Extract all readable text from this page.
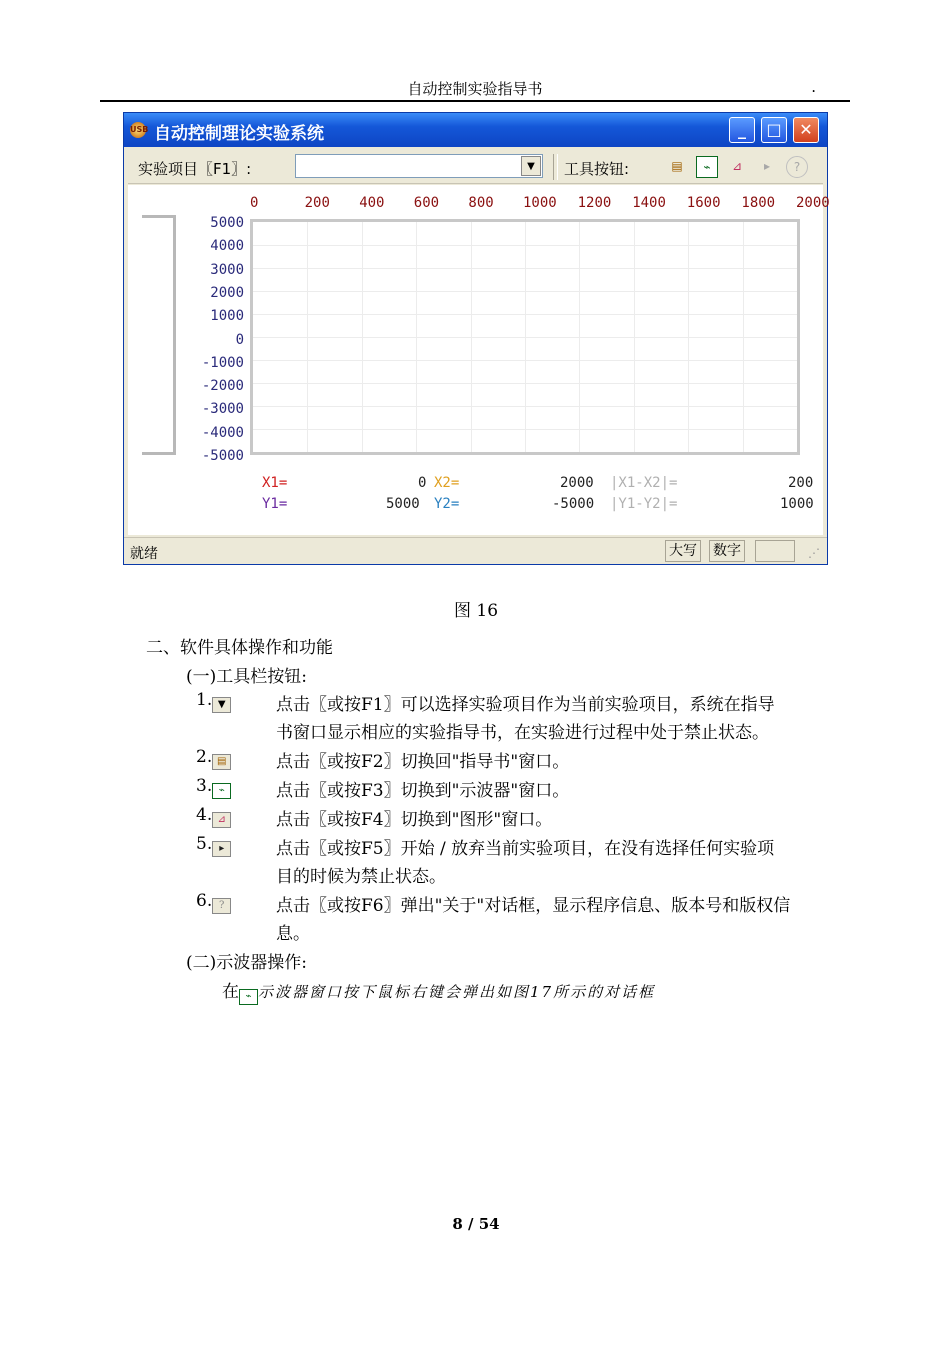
自动控制实验指导书	.
USB 自动控制理论实验系统	_	□	✕
实验项目〖F1〗:	▼	工具按钮:	▤	⌁	⊿	▸	?
0	200 400 600 800 1000 1200 1400 1600 1800 2000
5000
4000
3000
2000
1000
0
-1000
-2000
-3000
-4000
-5000
X1=	0 X2=	2000 |X1-X2|=	200
Y1=	5000 Y2=	-5000 |Y1-Y2|=	1000
就绪	大写 数字	⋰
图 16
二、软件具体操作和功能
(一)工具栏按钮:
1. ▼	点击〖或按F1〗可以选择实验项目作为当前实验项目，系统在指导
书窗口显示相应的实验指导书，在实验进行过程中处于禁止状态。
2. ▤	点击〖或按F2〗切换回"指导书"窗口。
3. ⌁	点击〖或按F3〗切换到"示波器"窗口。
4. ⊿	点击〖或按F4〗切换到"图形"窗口。
5. ▸	点击〖或按F5〗开始 / 放弃当前实验项目，在没有选择任何实验项
目的时候为禁止状态。
6. ?	点击〖或按F6〗弹出"关于"对话框，显示程序信息、版本号和版权信
息。
(二)示波器操作:
在 ⌁ 示波器窗口按下鼠标右键会弹出如图17所示的对话框
8 / 54
